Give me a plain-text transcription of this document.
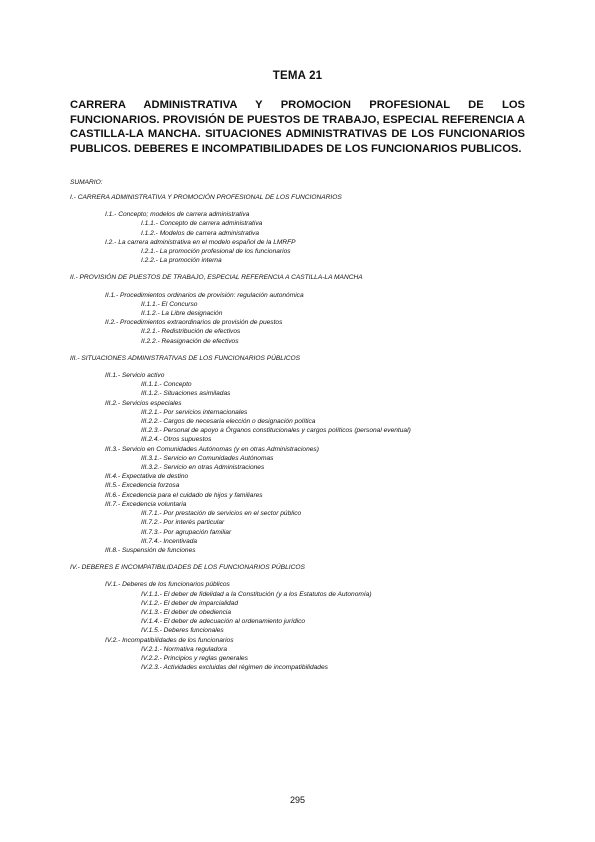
TEMA 21
CARRERA ADMINISTRATIVA Y PROMOCION PROFESIONAL DE LOS FUNCIONARIOS. PROVISIÓN DE PUESTOS DE TRABAJO, ESPECIAL REFERENCIA A CASTILLA-LA MANCHA. SITUACIONES ADMINISTRATIVAS DE LOS FUNCIONARIOS PUBLICOS. DEBERES E INCOMPATIBILIDADES DE LOS FUNCIONARIOS PUBLICOS.
SUMARIO:
I.- CARRERA ADMINISTRATIVA Y PROMOCIÓN PROFESIONAL DE LOS FUNCIONARIOS
I.1.- Concepto; modelos de carrera administrativa
I.1.1.- Concepto de carrera administrativa
I.1.2.- Modelos de carrera administrativa
I.2.- La carrera administrativa en el modelo español de la LMRFP
I.2.1.- La promoción profesional de los funcionarios
I.2.2.- La promoción interna
II.- PROVISIÓN DE PUESTOS DE TRABAJO, ESPECIAL REFERENCIA A CASTILLA-LA MANCHA
II.1.- Procedimientos ordinarios de provisión: regulación autonómica
II.1.1.- El Concurso
II.1.2.- La Libre designación
II.2.- Procedimientos extraordinarios de provisión de puestos
II.2.1.- Redistribución de efectivos
II.2.2.- Reasignación de efectivos
III.- SITUACIONES ADMINISTRATIVAS DE LOS FUNCIONARIOS PÚBLICOS
III.1.- Servicio activo
III.1.1.- Concepto
III.1.2.- Situaciones asimiladas
III.2.- Servicios especiales
III.2.1.- Por servicios internacionales
III.2.2.- Cargos de necesaria elección o designación política
III.2.3.- Personal de apoyo a Órganos constitucionales y cargos políticos (personal eventual)
III.2.4.- Otros supuestos
III.3.- Servicio en Comunidades Autónomas (y en otras Administraciones)
III.3.1.- Servicio en Comunidades Autónomas
III.3.2.- Servicio en otras Administraciones
III.4.- Expectativa de destino
III.5.- Excedencia forzosa
III.6.- Excedencia para el cuidado de hijos y familiares
III.7.- Excedencia voluntaria
III.7.1.- Por prestación de servicios en el sector público
III.7.2.- Por interés particular
III.7.3.- Por agrupación familiar
III.7.4.- Incentivada
III.8.- Suspensión de funciones
IV.- DEBERES E INCOMPATIBILIDADES DE LOS FUNCIONARIOS PÚBLICOS
IV.1.- Deberes de los funcionarios públicos
IV.1.1.- El deber de fidelidad a la Constitución (y a los Estatutos de Autonomía)
IV.1.2.- El deber de imparcialidad
IV.1.3.- El deber de obediencia
IV.1.4.- El deber de adecuación al ordenamiento jurídico
IV.1.5.- Deberes funcionales
IV.2.- Incompatibilidades de los funcionarios
IV.2.1.- Normativa reguladora
IV.2.2.- Principios y reglas generales
IV.2.3.- Actividades excluidas del régimen de incompatibilidades
295
